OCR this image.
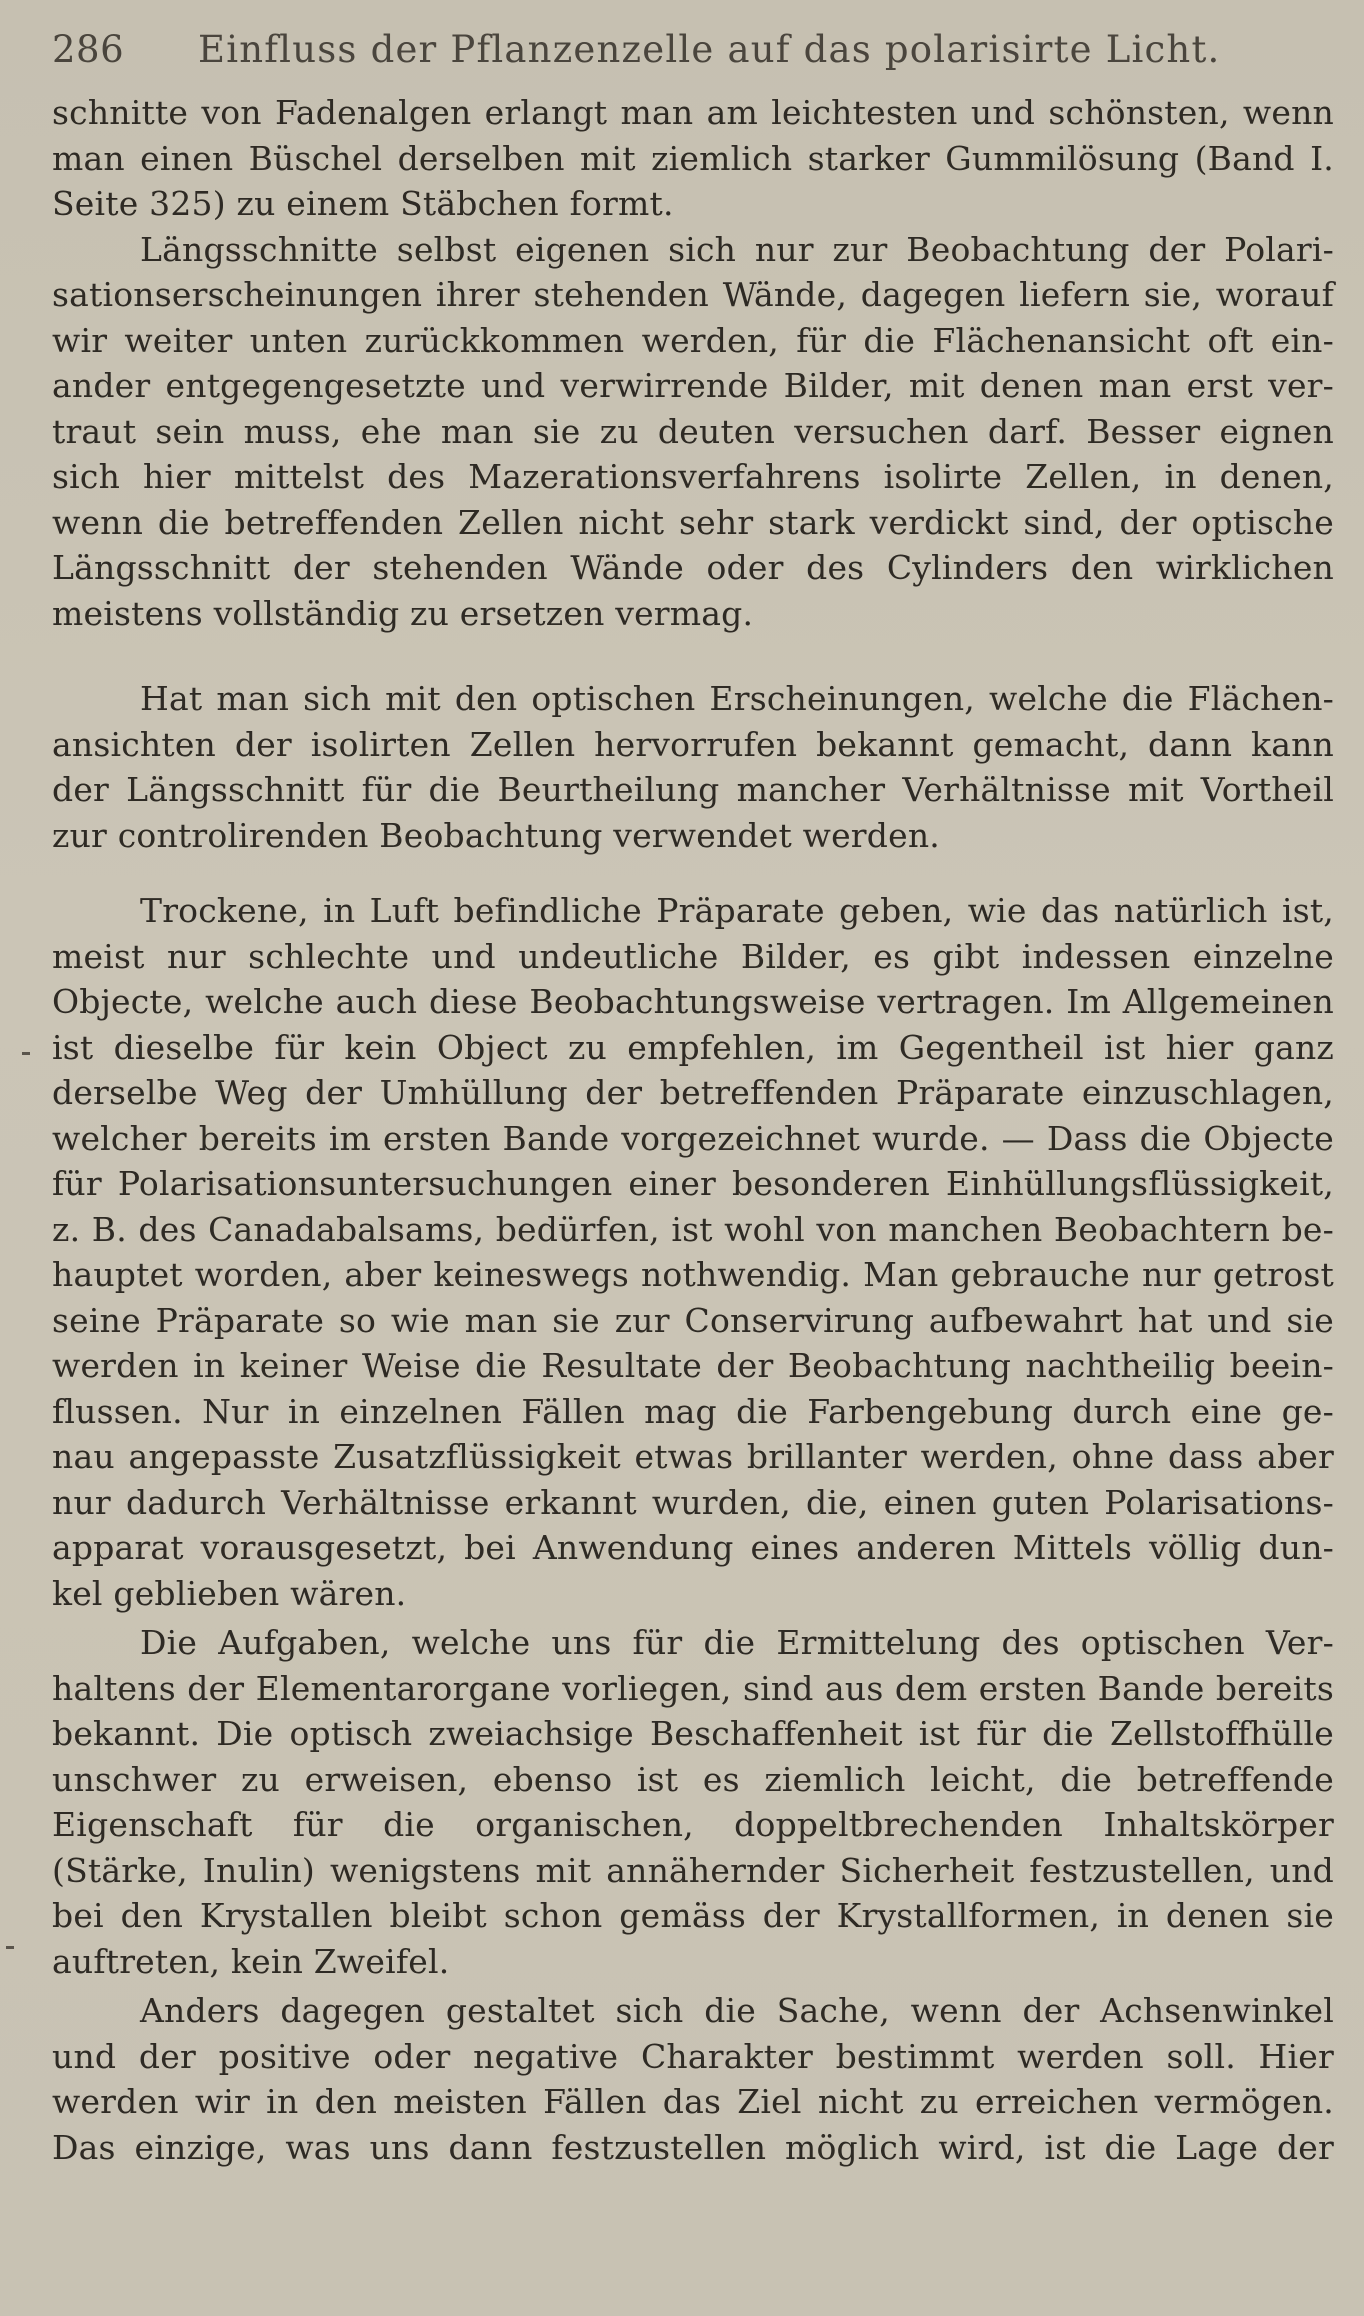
286	Einfluss der Pflanzenzelle auf das polarisirte Licht.
schnitte von Fadenalgen erlangt man am leichtesten und schönsten, wenn
man einen Büschel derselben mit ziemlich starker Gummilösung (Band I.
Seite 325) zu einem Stäbchen formt.
Längsschnitte selbst eigenen sich nur zur Beobachtung der Polari-
sationserscheinungen ihrer stehenden Wände, dagegen liefern sie, worauf
wir weiter unten zurückkommen werden, für die Flächenansicht oft ein-
ander entgegengesetzte und verwirrende Bilder, mit denen man erst ver-
traut sein muss, ehe man sie zu deuten versuchen darf. Besser eignen
sich hier mittelst des Mazerationsverfahrens isolirte Zellen, in denen,
wenn die betreffenden Zellen nicht sehr stark verdickt sind, der optische
Längsschnitt der stehenden Wände oder des Cylinders den wirklichen
meistens vollständig zu ersetzen vermag.
Hat man sich mit den optischen Erscheinungen, welche die Flächen-
ansichten der isolirten Zellen hervorrufen bekannt gemacht, dann kann
der Längsschnitt für die Beurtheilung mancher Verhältnisse mit Vortheil
zur controlirenden Beobachtung verwendet werden.
Trockene, in Luft befindliche Präparate geben, wie das natürlich ist,
meist nur schlechte und undeutliche Bilder, es gibt indessen einzelne
Objecte, welche auch diese Beobachtungsweise vertragen. Im Allgemeinen
ist dieselbe für kein Object zu empfehlen, im Gegentheil ist hier ganz
derselbe Weg der Umhüllung der betreffenden Präparate einzuschlagen,
welcher bereits im ersten Bande vorgezeichnet wurde. — Dass die Objecte
für Polarisationsuntersuchungen einer besonderen Einhüllungsflüssigkeit,
z. B. des Canadabalsams, bedürfen, ist wohl von manchen Beobachtern be-
hauptet worden, aber keineswegs nothwendig. Man gebrauche nur getrost
seine Präparate so wie man sie zur Conservirung aufbewahrt hat und sie
werden in keiner Weise die Resultate der Beobachtung nachtheilig beein-
flussen. Nur in einzelnen Fällen mag die Farbengebung durch eine ge-
nau angepasste Zusatzflüssigkeit etwas brillanter werden, ohne dass aber
nur dadurch Verhältnisse erkannt wurden, die, einen guten Polarisations-
apparat vorausgesetzt, bei Anwendung eines anderen Mittels völlig dun-
kel geblieben wären.
Die Aufgaben, welche uns für die Ermittelung des optischen Ver-
haltens der Elementarorgane vorliegen, sind aus dem ersten Bande bereits
bekannt. Die optisch zweiachsige Beschaffenheit ist für die Zellstoffhülle
unschwer zu erweisen, ebenso ist es ziemlich leicht, die betreffende
Eigenschaft für die organischen, doppeltbrechenden Inhaltskörper
(Stärke, Inulin) wenigstens mit annähernder Sicherheit festzustellen, und
bei den Krystallen bleibt schon gemäss der Krystallformen, in denen sie
auftreten, kein Zweifel.
Anders dagegen gestaltet sich die Sache, wenn der Achsenwinkel
und der positive oder negative Charakter bestimmt werden soll. Hier
werden wir in den meisten Fällen das Ziel nicht zu erreichen vermögen.
Das einzige, was uns dann festzustellen möglich wird, ist die Lage der
